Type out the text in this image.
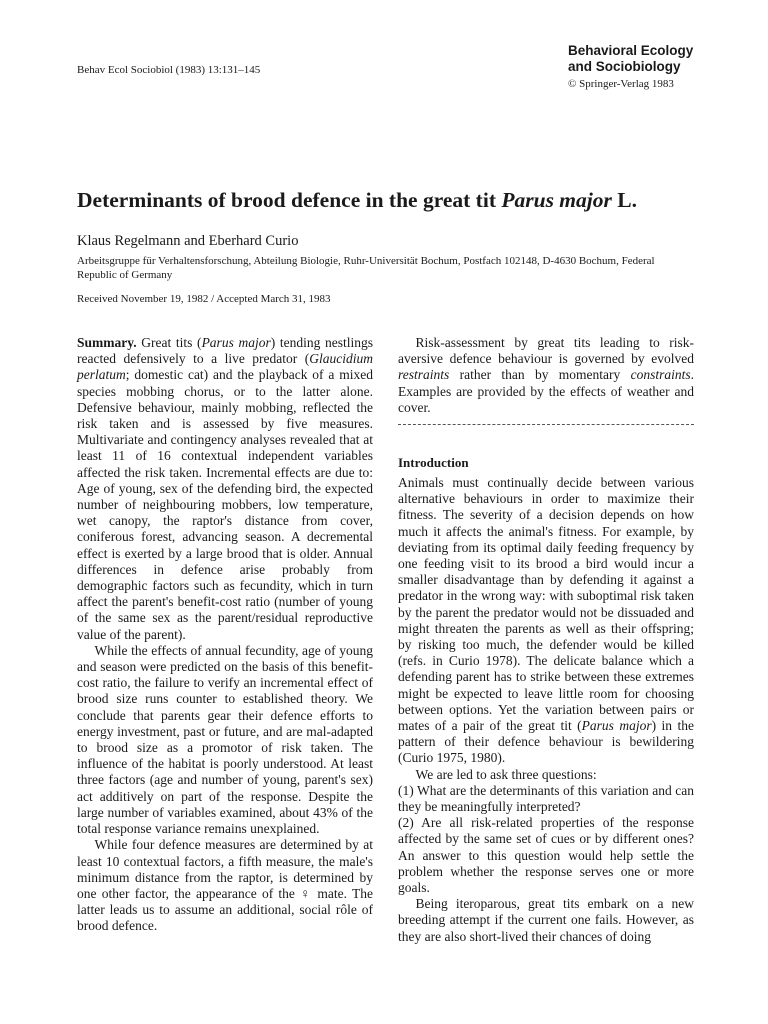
Behav Ecol Sociobiol (1983) 13:131–145
Behavioral Ecology
and Sociobiology
© Springer-Verlag 1983
Determinants of brood defence in the great tit Parus major L.
Klaus Regelmann and Eberhard Curio
Arbeitsgruppe für Verhaltensforschung, Abteilung Biologie, Ruhr-Universität Bochum, Postfach 102148, D-4630 Bochum, Federal Republic of Germany
Received November 19, 1982 / Accepted March 31, 1983

Summary. Great tits (Parus major) tending nestlings reacted defensively to a live predator (Glaucidium perlatum; domestic cat) and the playback of a mixed species mobbing chorus, or to the latter alone. Defensive behaviour, mainly mobbing, reflected the risk taken and is assessed by five measures. Multivariate and contingency analyses revealed that at least 11 of 16 contextual independent variables affected the risk taken. Incremental effects are due to: Age of young, sex of the defending bird, the expected number of neighbouring mobbers, low temperature, wet canopy, the raptor's distance from cover, coniferous forest, advancing season. A decremental effect is exerted by a large brood that is older. Annual differences in defence arise probably from demographic factors such as fecundity, which in turn affect the parent's benefit-cost ratio (number of young of the same sex as the parent/residual reproductive value of the parent).

While the effects of annual fecundity, age of young and season were predicted on the basis of this benefit-cost ratio, the failure to verify an incremental effect of brood size runs counter to established theory. We conclude that parents gear their defence efforts to energy investment, past or future, and are mal-adapted to brood size as a promotor of risk taken. The influence of the habitat is poorly understood. At least three factors (age and number of young, parent's sex) act additively on part of the response. Despite the large number of variables examined, about 43% of the total response variance remains unexplained.

While four defence measures are determined by at least 10 contextual factors, a fifth measure, the male's minimum distance from the raptor, is determined by one other factor, the appearance of the ♀ mate. The latter leads us to assume an additional, social rôle of brood defence.

Risk-assessment by great tits leading to risk-aversive defence behaviour is governed by evolved restraints rather than by momentary constraints. Examples are provided by the effects of weather and cover.

Introduction

Animals must continually decide between various alternative behaviours in order to maximize their fitness. The severity of a decision depends on how much it affects the animal's fitness. For example, by deviating from its optimal daily feeding frequency by one feeding visit to its brood a bird would incur a smaller disadvantage than by defending it against a predator in the wrong way: with suboptimal risk taken by the parent the predator would not be dissuaded and might threaten the parents as well as their offspring; by risking too much, the defender would be killed (refs. in Curio 1978). The delicate balance which a defending parent has to strike between these extremes might be expected to leave little room for choosing between options. Yet the variation between pairs or mates of a pair of the great tit (Parus major) in the pattern of their defence behaviour is bewildering (Curio 1975, 1980).

We are led to ask three questions:

(1) What are the determinants of this variation and can they be meaningfully interpreted?

(2) Are all risk-related properties of the response affected by the same set of cues or by different ones? An answer to this question would help settle the problem whether the response serves one or more goals.

Being iteroparous, great tits embark on a new breeding attempt if the current one fails. However, as they are also short-lived their chances of doing
